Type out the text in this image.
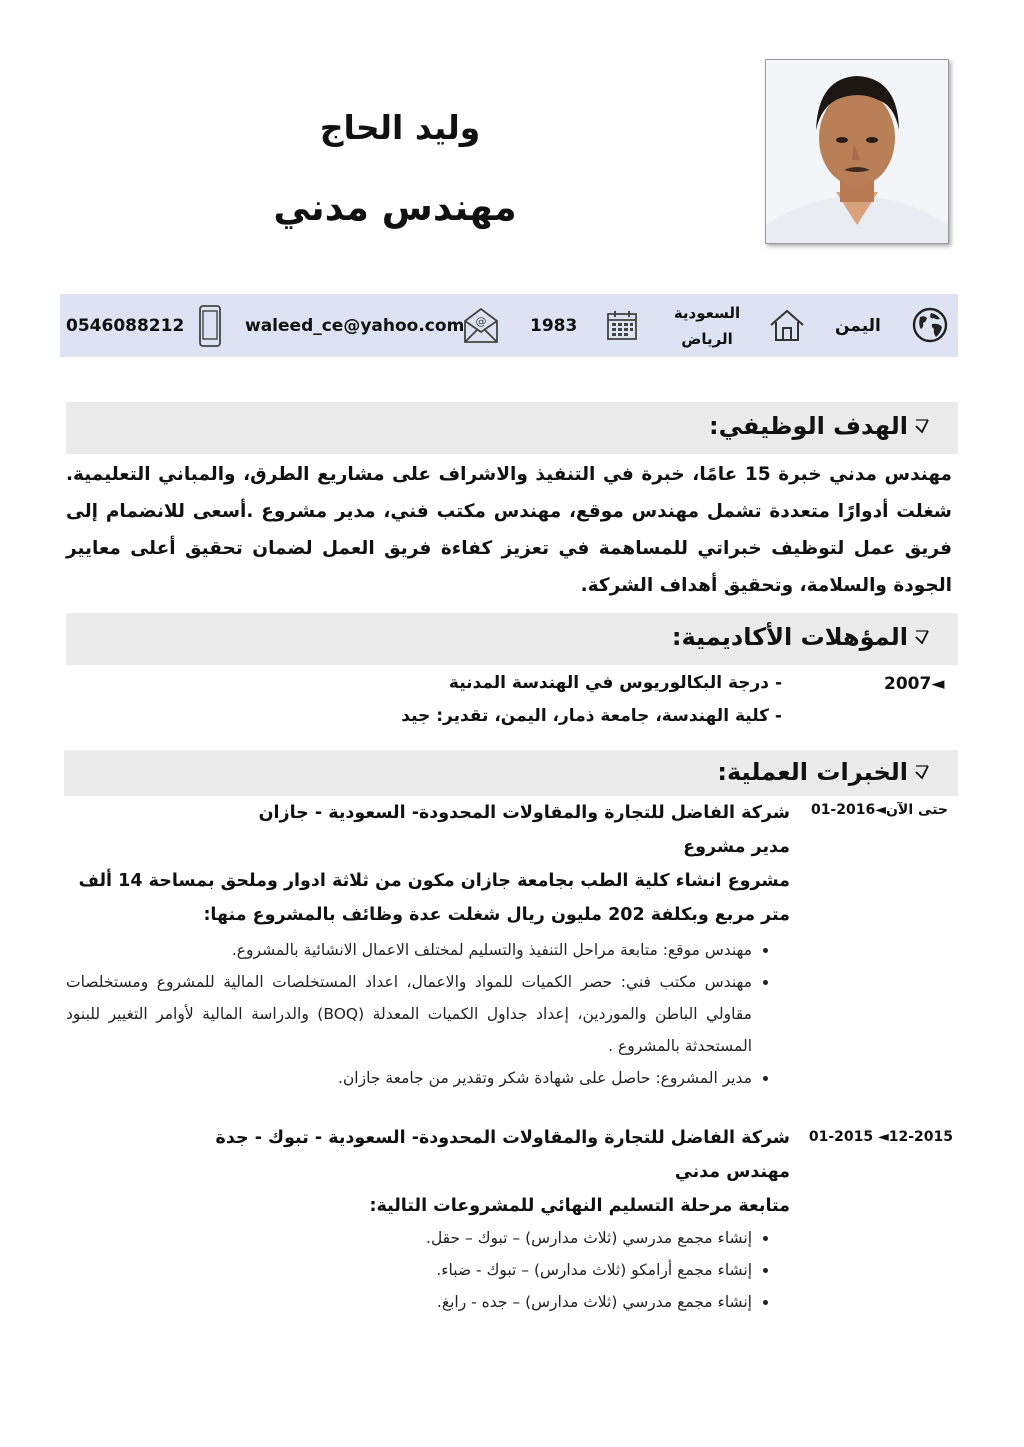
وليد الحاج
مهندس مدني
اليمن
السعودية
الرياض
1983
@
waleed_ce@yahoo.com
0546088212
الهدف الوظيفي:
مهندس مدني خبرة 15 عامًا، خبرة في التنفيذ والاشراف على مشاريع الطرق، والمباني التعليمية. شغلت أدوارًا متعددة تشمل مهندس موقع، مهندس مكتب فني، مدير مشروع .أسعى للانضمام إلى فريق عمل لتوظيف خبراتي للمساهمة في تعزيز كفاءة فريق العمل لضمان تحقيق أعلى معايير الجودة والسلامة، وتحقيق أهداف الشركة.
المؤهلات الأكاديمية:
2007◄
- درجة البكالوريوس في الهندسة المدنية
- كلية الهندسة، جامعة ذمار، اليمن، تقدير: جيد
الخبرات العملية:
01-2016◄حتى الآن
شركة الفاضل للتجارة والمقاولات المحدودة- السعودية - جازان
مدير مشروع
مشروع انشاء كلية الطب بجامعة جازان مكون من ثلاثة ادوار وملحق بمساحة 14 ألف متر مربع وبكلفة 202 مليون ريال شغلت عدة وظائف بالمشروع منها:
• مهندس موقع: متابعة مراحل التنفيذ والتسليم لمختلف الاعمال الانشائية بالمشروع.
• مهندس مكتب فني: حصر الكميات للمواد والاعمال، اعداد المستخلصات المالية للمشروع ومستخلصات مقاولي الباطن والموردين، إعداد جداول الكميات المعدلة (BOQ) والدراسة المالية لأوامر التغيير للبنود المستحدثة بالمشروع .
• مدير المشروع: حاصل على شهادة شكر وتقدير من جامعة جازان.
01-2015 ◄12-2015
شركة الفاضل للتجارة والمقاولات المحدودة- السعودية - تبوك - جدة
مهندس مدني
متابعة مرحلة التسليم النهائي للمشروعات التالية:
• إنشاء مجمع مدرسي (ثلاث مدارس) – تبوك – حقل.
• إنشاء مجمع أرامكو (ثلاث مدارس) – تبوك - ضباء.
• إنشاء مجمع مدرسي (ثلاث مدارس) – جده - رابغ.
